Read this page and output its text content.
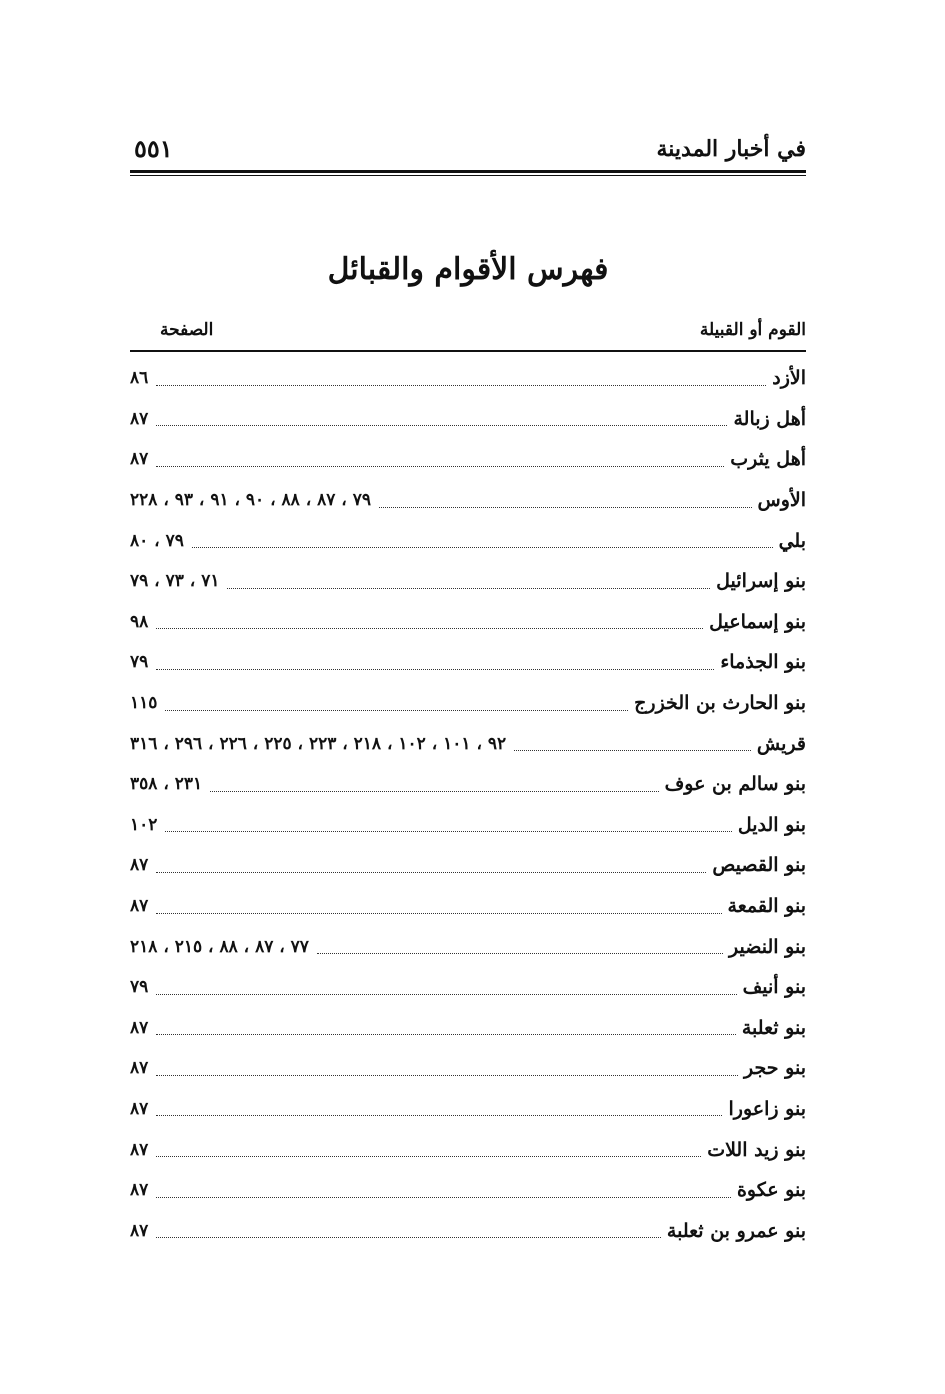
في أخبار المدينة
٥٥١
فهرس الأقوام والقبائل
القوم أو القبيلة
الصفحة
الأزد
٨٦
أهل زبالة
٨٧
أهل يثرب
٨٧
الأوس
٧٩ ، ٨٧ ، ٨٨ ، ٩٠ ، ٩١ ، ٩٣ ، ٢٢٨
بلي
٧٩ ، ٨٠
بنو إسرائيل
٧١ ، ٧٣ ، ٧٩
بنو إسماعيل
٩٨
بنو الجذماء
٧٩
بنو الحارث بن الخزرج
١١٥
قريش
٩٢ ، ١٠١ ، ١٠٢ ، ٢١٨ ، ٢٢٣ ، ٢٢٥ ، ٢٢٦ ، ٢٩٦ ، ٣١٦
بنو سالم بن عوف
٢٣١ ، ٣٥٨
بنو الديل
١٠٢
بنو القصيص
٨٧
بنو القمعة
٨٧
بنو النضير
٧٧ ، ٨٧ ، ٨٨ ، ٢١٥ ، ٢١٨
بنو أنيف
٧٩
بنو ثعلبة
٨٧
بنو حجر
٨٧
بنو زاعورا
٨٧
بنو زيد اللات
٨٧
بنو عكوة
٨٧
بنو عمرو بن ثعلبة
٨٧
